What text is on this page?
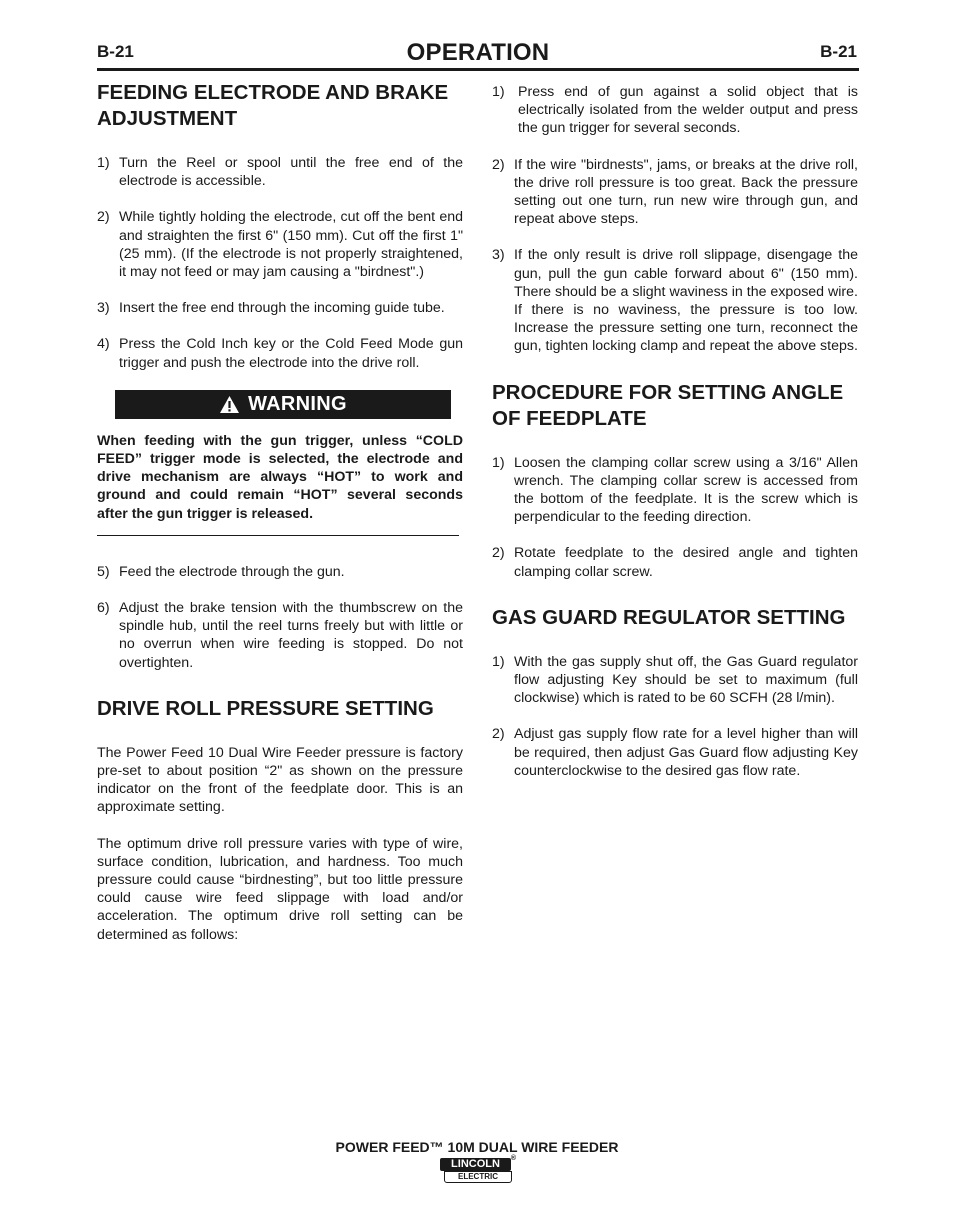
B-21	OPERATION	B-21
FEEDING ELECTRODE AND BRAKE ADJUSTMENT
1) Turn the Reel or spool until the free end of the electrode is accessible.
2) While tightly holding the electrode, cut off the bent end and straighten the first 6" (150 mm). Cut off the first 1" (25 mm). (If the electrode is not properly straightened, it may not feed or may jam causing a "birdnest".)
3) Insert the free end through the incoming guide tube.
4) Press the Cold Inch key or the Cold Feed Mode gun trigger and push the electrode into the drive roll.
WARNING

When feeding with the gun trigger, unless “COLD FEED” trigger mode is selected, the electrode and drive mechanism are always “HOT” to work and ground and could remain “HOT” several seconds after the gun trigger is released.

5) Feed the electrode through the gun.
6) Adjust the brake tension with the thumbscrew on the spindle hub, until the reel turns freely but with little or no overrun when wire feeding is stopped. Do not overtighten.
DRIVE ROLL PRESSURE SETTING

The Power Feed 10 Dual Wire Feeder pressure is factory pre-set to about position “2" as shown on the pressure indicator on the front of the feedplate door. This is an approximate setting.

The optimum drive roll pressure varies with type of wire, surface condition, lubrication, and hardness. Too much pressure could cause “birdnesting”, but too little pressure could cause wire feed slippage with load and/or acceleration. The optimum drive roll setting can be determined as follows:

1) Press end of gun against a solid object that is electrically isolated from the welder output and press the gun trigger for several seconds.
2) If the wire "birdnests", jams, or breaks at the drive roll, the drive roll pressure is too great. Back the pressure setting out one turn, run new wire through gun, and repeat above steps.
3) If the only result is drive roll slippage, disengage the gun, pull the gun cable forward about 6" (150 mm). There should be a slight waviness in the exposed wire. If there is no waviness, the pressure is too low. Increase the pressure setting one turn, reconnect the gun, tighten locking clamp and repeat the above steps.
PROCEDURE FOR SETTING ANGLE OF FEEDPLATE
1) Loosen the clamping collar screw using a 3/16" Allen wrench. The clamping collar screw is accessed from the bottom of the feedplate. It is the screw which is perpendicular to the feeding direction.
2) Rotate feedplate to the desired angle and tighten clamping collar screw.
GAS GUARD REGULATOR SETTING
1) With the gas supply shut off, the Gas Guard regulator flow adjusting Key should be set to maximum (full clockwise) which is rated to be 60 SCFH (28 l/min).
2) Adjust gas supply flow rate for a level higher than will be required, then adjust Gas Guard flow adjusting Key counterclockwise to the desired gas flow rate.
POWER FEED™ 10M DUAL WIRE FEEDER
LINCOLN
ELECTRIC
®
